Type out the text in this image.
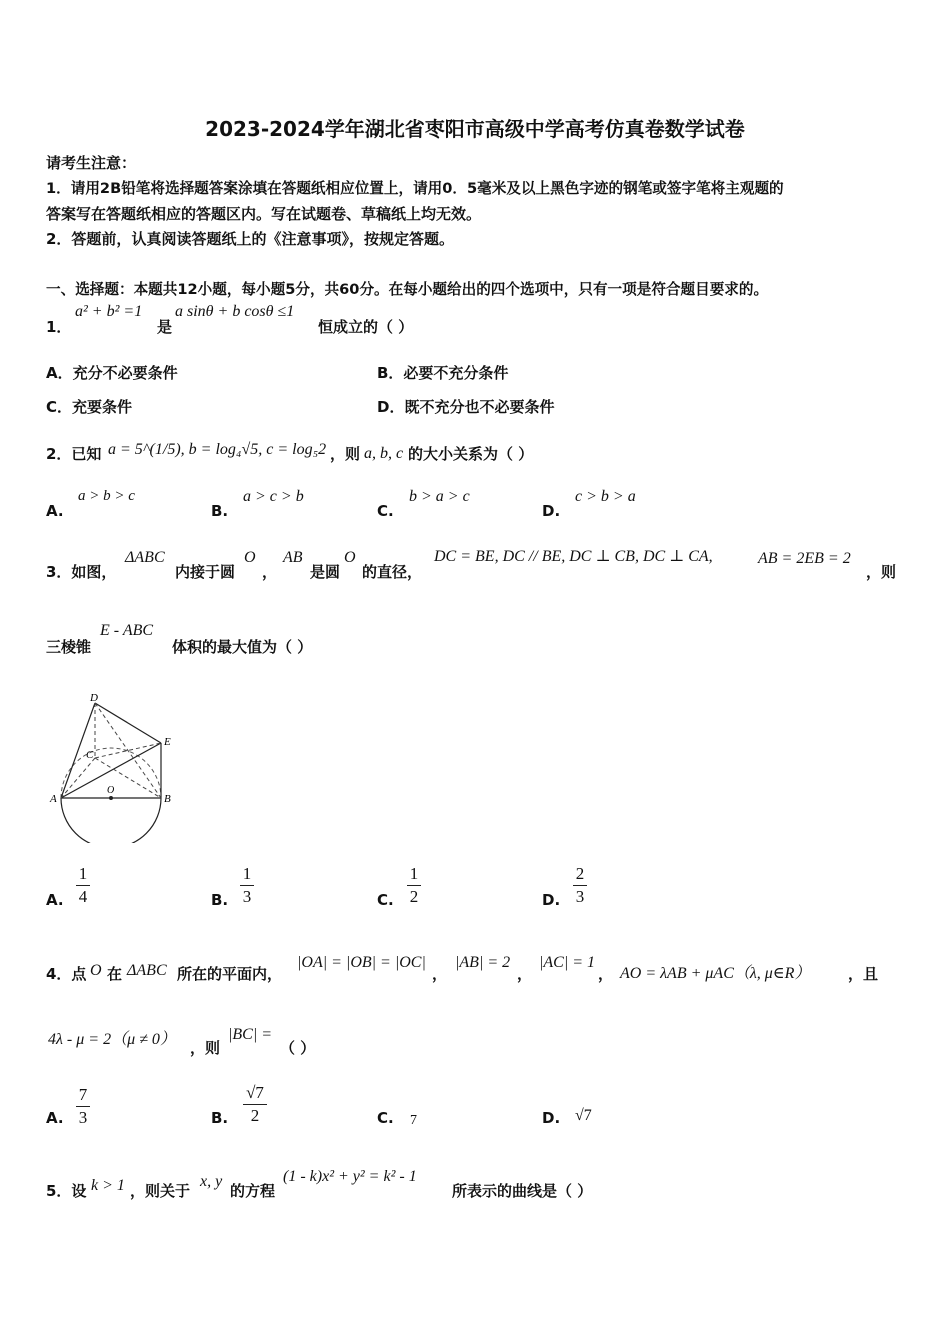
2023-2024学年湖北省枣阳市高级中学高考仿真卷数学试卷
请考生注意：
1．请用2B铅笔将选择题答案涂填在答题纸相应位置上，请用0．5毫米及以上黑色字迹的钢笔或签字笔将主观题的
答案写在答题纸相应的答题区内。写在试题卷、草稿纸上均无效。
2．答题前，认真阅读答题纸上的《注意事项》，按规定答题。
一、选择题：本题共12小题，每小题5分，共60分。在每小题给出的四个选项中，只有一项是符合题目要求的。
1．
a² + b² =1
是
a sinθ + b cosθ ≤1
恒成立的（ ）
A．充分不必要条件	B．必要不充分条件
C．充要条件	D．既不充分也不必要条件
2．已知 a = 5^(1/5), b = log₄√5, c = log₅2 ，则 a, b, c 的大小关系为（ ）
A.
a > b > c
B.
a > c > b
C.
b > a > c
D.
c > b > a
3．如图，
ΔABC
内接于圆
O
，
AB
是圆
O
的直径，
DC = BE, DC // BE, DC ⊥ CB, DC ⊥ CA,	AB = 2EB = 2
，则
三棱锥
E - ABC
体积的最大值为（ ）
D
E
C
A
O
B
A.
1
4	B.
1
3	C.
1
2	D.
2
3
4．点 O 在 ΔABC 所在的平面内，
|OA| = |OB| = |OC|
，
|AB| = 2
，
|AC| = 1
， AO = λAB + μAC（λ, μ∈R）	，且
4λ - μ = 2（μ ≠ 0） ，则
|BC| =
（ ）
A.
7
3	B.
√7
2	C. 7	D. √7
5．设 k > 1 ，则关于
x, y
的方程
(1 - k)x² + y² = k² - 1
所表示的曲线是（ ）
